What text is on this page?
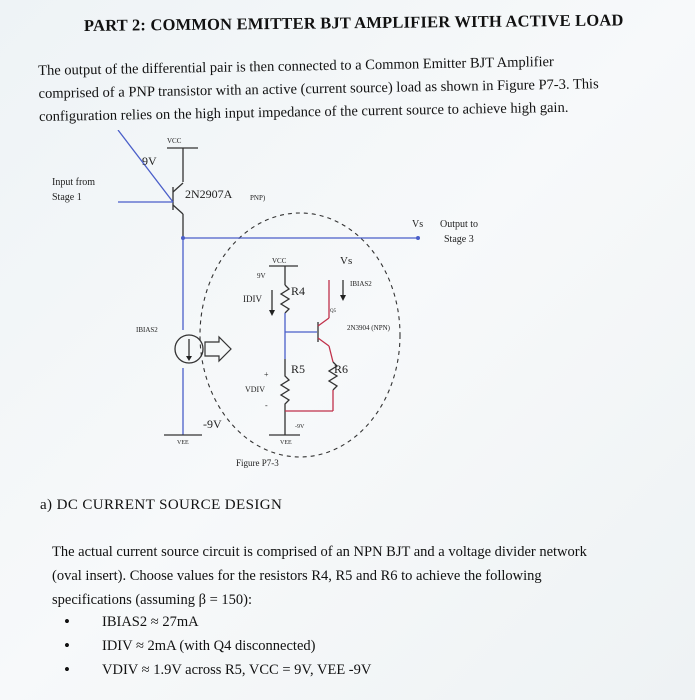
PART 2: COMMON EMITTER BJT AMPLIFIER WITH ACTIVE LOAD
The output of the differential pair is then connected to a Common Emitter BJT Amplifier
comprised of a PNP transistor with an active (current source) load as shown in Figure P7-3. This
configuration relies on the high input impedance of the current source to achieve high gain.
VCC
9V
Input from
Stage 1	2N2907A	PNP)
Vs Output to
Stage 3
IBIAS2
-9V
VEE
VCC
9V
R4
IDIV
Vs
IBIAS2
Q5
2N3904 (NPN)
R5 R6
+
-
VDIV
-9V
VEE
Figure P7-3
a) DC CURRENT SOURCE DESIGN
The actual current source circuit is comprised of an NPN BJT and a voltage divider network
(oval insert). Choose values for the resistors R4, R5 and R6 to achieve the following
specifications (assuming β = 150):
• IBIAS2 ≈ 27mA
• IDIV ≈ 2mA (with Q4 disconnected)
• VDIV ≈ 1.9V across R5, VCC = 9V, VEE -9V
